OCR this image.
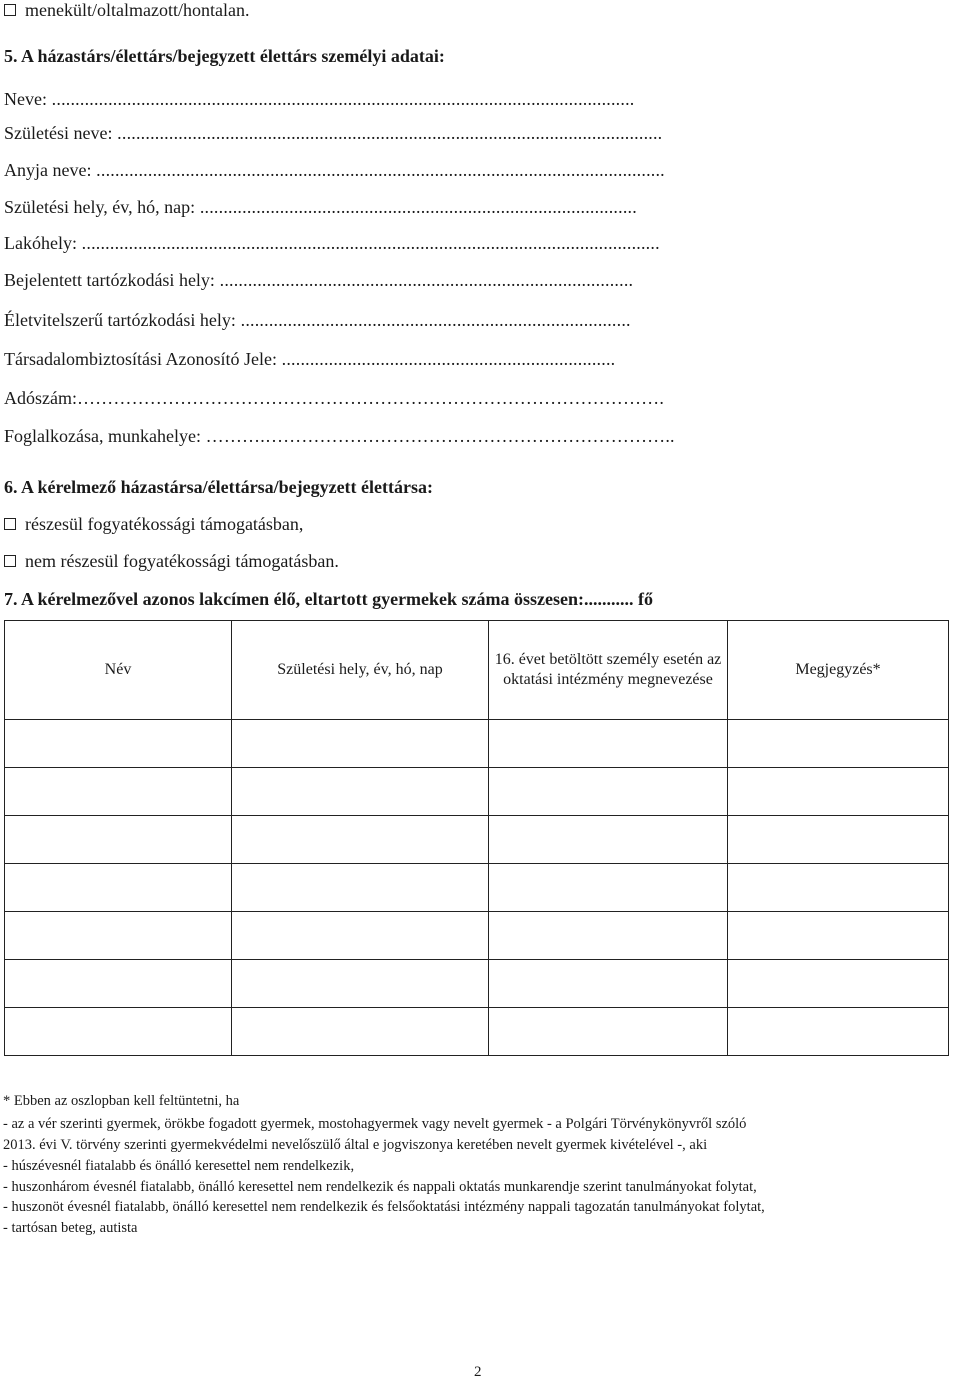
menekült/oltalmazott/hontalan.
5. A házastárs/élettárs/bejegyzett élettárs személyi adatai:
Neve: ............................................................................................................................
Születési neve: ....................................................................................................................
Anyja neve: .........................................................................................................................
Születési hely, év, hó, nap: .............................................................................................
Lakóhely: ...........................................................................................................................
Bejelentett tartózkodási hely: ........................................................................................
Életvitelszerű tartózkodási hely: ...................................................................................
Társadalombiztosítási Azonosító Jele: .......................................................................
Adószám:…………………………………………………………………………………….
Foglalkozása, munkahelye: ……….…………………………………………………………..
6. A kérelmező házastársa/élettársa/bejegyzett élettársa:
részesül fogyatékossági támogatásban,
nem részesül fogyatékossági támogatásban.
7. A kérelmezővel azonos lakcímen élő, eltartott gyermekek száma összesen:........... fő
Név	Születési hely, év, hó, nap	16. évet betöltött személy esetén az oktatási intézmény megnevezése	Megjegyzés*

* Ebben az oszlopban kell feltüntetni, ha
- az a vér szerinti gyermek, örökbe fogadott gyermek, mostohagyermek vagy nevelt gyermek - a Polgári Törvénykönyvről szóló
2013. évi V. törvény szerinti gyermekvédelmi nevelőszülő által e jogviszonya keretében nevelt gyermek kivételével -, aki
- húszévesnél fiatalabb és önálló keresettel nem rendelkezik,
- huszonhárom évesnél fiatalabb, önálló keresettel nem rendelkezik és nappali oktatás munkarendje szerint tanulmányokat folytat,
- huszonöt évesnél fiatalabb, önálló keresettel nem rendelkezik és felsőoktatási intézmény nappali tagozatán tanulmányokat folytat,
- tartósan beteg, autista
2
